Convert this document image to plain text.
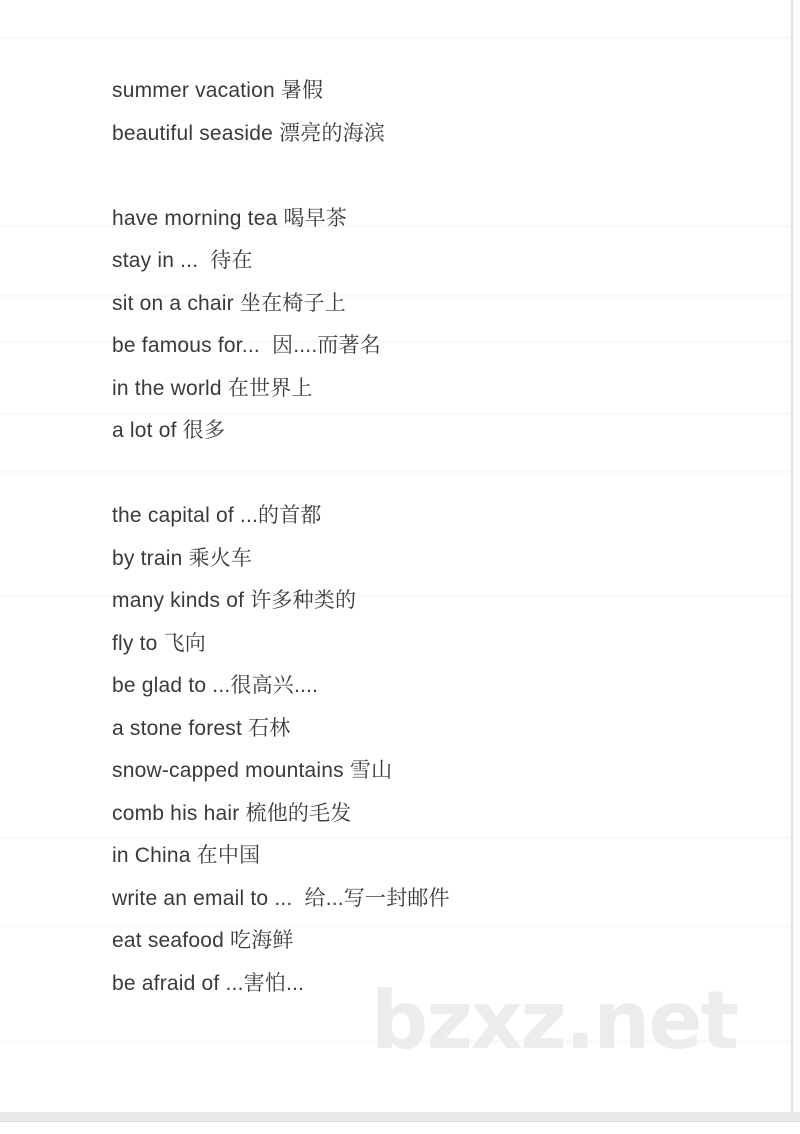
summer vacation 暑假
beautiful seaside 漂亮的海滨
have morning tea 喝早茶
stay in ...  待在
sit on a chair 坐在椅子上
be famous for...  因....而著名
in the world 在世界上
a lot of 很多
the capital of ...的首都
by train 乘火车
many kinds of 许多种类的
fly to 飞向
be glad to ...很高兴....
a stone forest 石林
snow-capped mountains 雪山
comb his hair 梳他的毛发
in China 在中国
write an email to ...  给...写一封邮件
eat seafood 吃海鲜
be afraid of ...害怕... bzxz.net
